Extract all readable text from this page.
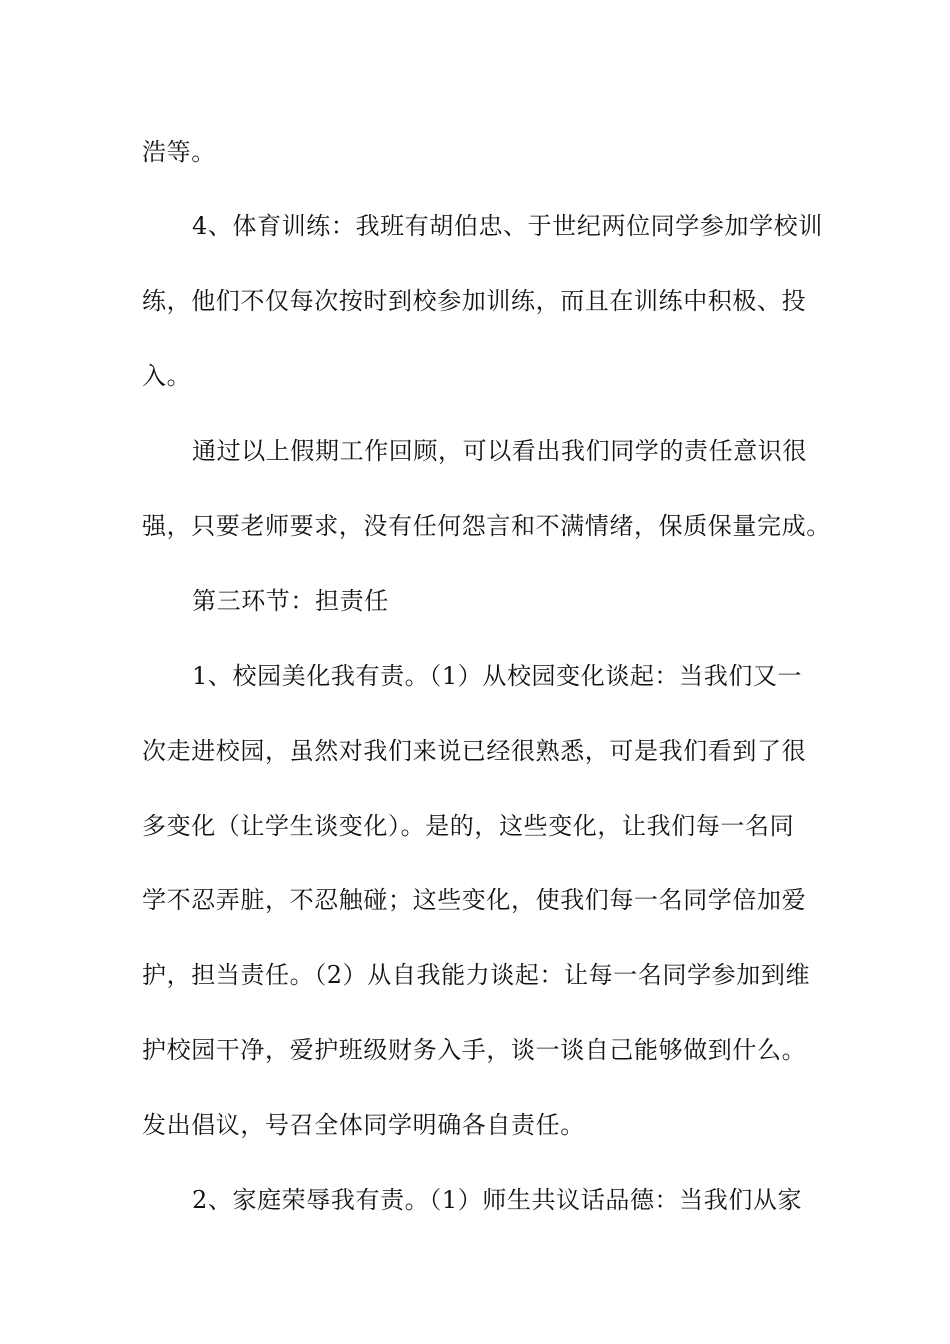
浩等。
4、体育训练：我班有胡伯忠、于世纪两位同学参加学校训
练，他们不仅每次按时到校参加训练，而且在训练中积极、投
入。
通过以上假期工作回顾，可以看出我们同学的责任意识很
强，只要老师要求，没有任何怨言和不满情绪，保质保量完成。
第三环节：担责任
1、校园美化我有责。（1）从校园变化谈起：当我们又一
次走进校园，虽然对我们来说已经很熟悉，可是我们看到了很
多变化（让学生谈变化）。是的，这些变化，让我们每一名同
学不忍弄脏，不忍触碰；这些变化，使我们每一名同学倍加爱
护，担当责任。（2）从自我能力谈起：让每一名同学参加到维
护校园干净，爱护班级财务入手，谈一谈自己能够做到什么。
发出倡议，号召全体同学明确各自责任。
2、家庭荣辱我有责。（1）师生共议话品德：当我们从家
